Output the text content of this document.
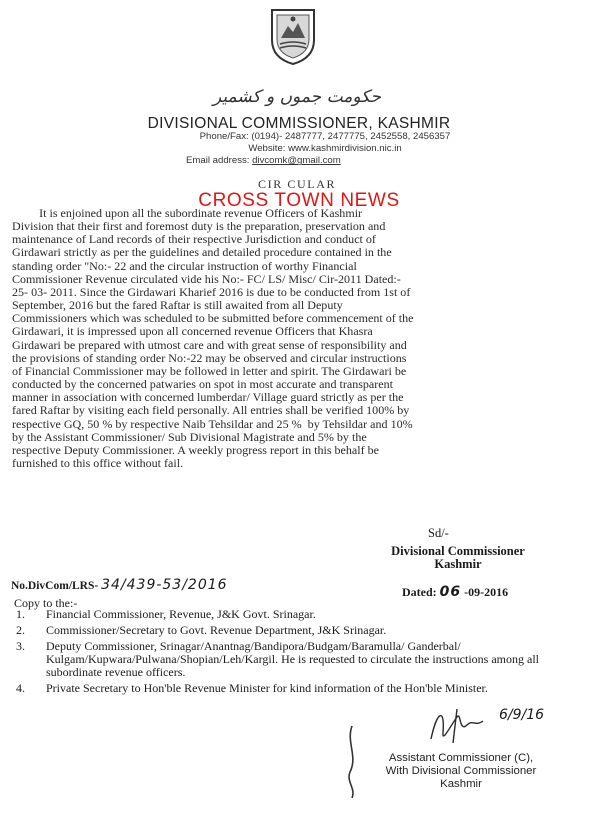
حکومت جموں و کشمیر
DIVISIONAL COMMISSIONER, KASHMIR
Phone/Fax: (0194)- 2487777, 2477775, 2452558, 2456357
Website: www.kashmirdivision.nic.in
Email address: divcomk@gmail.com
CIR CULAR
CROSS TOWN NEWS
It is enjoined upon all the subordinate revenue Officers of Kashmir
Division that their first and foremost duty is the preparation, preservation and
maintenance of Land records of their respective Jurisdiction and conduct of
Girdawari strictly as per the guidelines and detailed procedure contained in the
standing order "No:- 22 and the circular instruction of worthy Financial
Commissioner Revenue circulated vide his No:- FC/ LS/ Misc/ Cir-2011 Dated:-
25- 03- 2011. Since the Girdawari Kharief 2016 is due to be conducted from 1st of
September, 2016 but the fared Raftar is still awaited from all Deputy
Commissioners which was scheduled to be submitted before commencement of the
Girdawari, it is impressed upon all concerned revenue Officers that Khasra
Girdawari be prepared with utmost care and with great sense of responsibility and
the provisions of standing order No:-22 may be observed and circular instructions
of Financial Commissioner may be followed in letter and spirit. The Girdawari be
conducted by the concerned patwaries on spot in most accurate and transparent
manner in association with concerned lumberdar/ Village guard strictly as per the
fared Raftar by visiting each field personally. All entries shall be verified 100% by
respective GQ, 50 % by respective Naib Tehsildar and 25 %  by Tehsildar and 10%
by the Assistant Commissioner/ Sub Divisional Magistrate and 5% by the
respective Deputy Commissioner. A weekly progress report in this behalf be
furnished to this office without fail.
Sd/-
Divisional Commissioner
Kashmir
Dated: 06 -09-2016
No.DivCom/LRS- 34/439-53/2016
Copy to the:-
1. Financial Commissioner, Revenue, J&K Govt. Srinagar.
2. Commissioner/Secretary to Govt. Revenue Department, J&K Srinagar.
3. Deputy Commissioner, Srinagar/Anantnag/Bandipora/Budgam/Baramulla/ Ganderbal/ Kulgam/Kupwara/Pulwana/Shopian/Leh/Kargil. He is requested to circulate the instructions among all subordinate revenue officers.
4. Private Secretary to Hon'ble Revenue Minister for kind information of the Hon'ble Minister.
6/9/16
Assistant Commissioner (C),
With Divisional Commissioner
Kashmir
